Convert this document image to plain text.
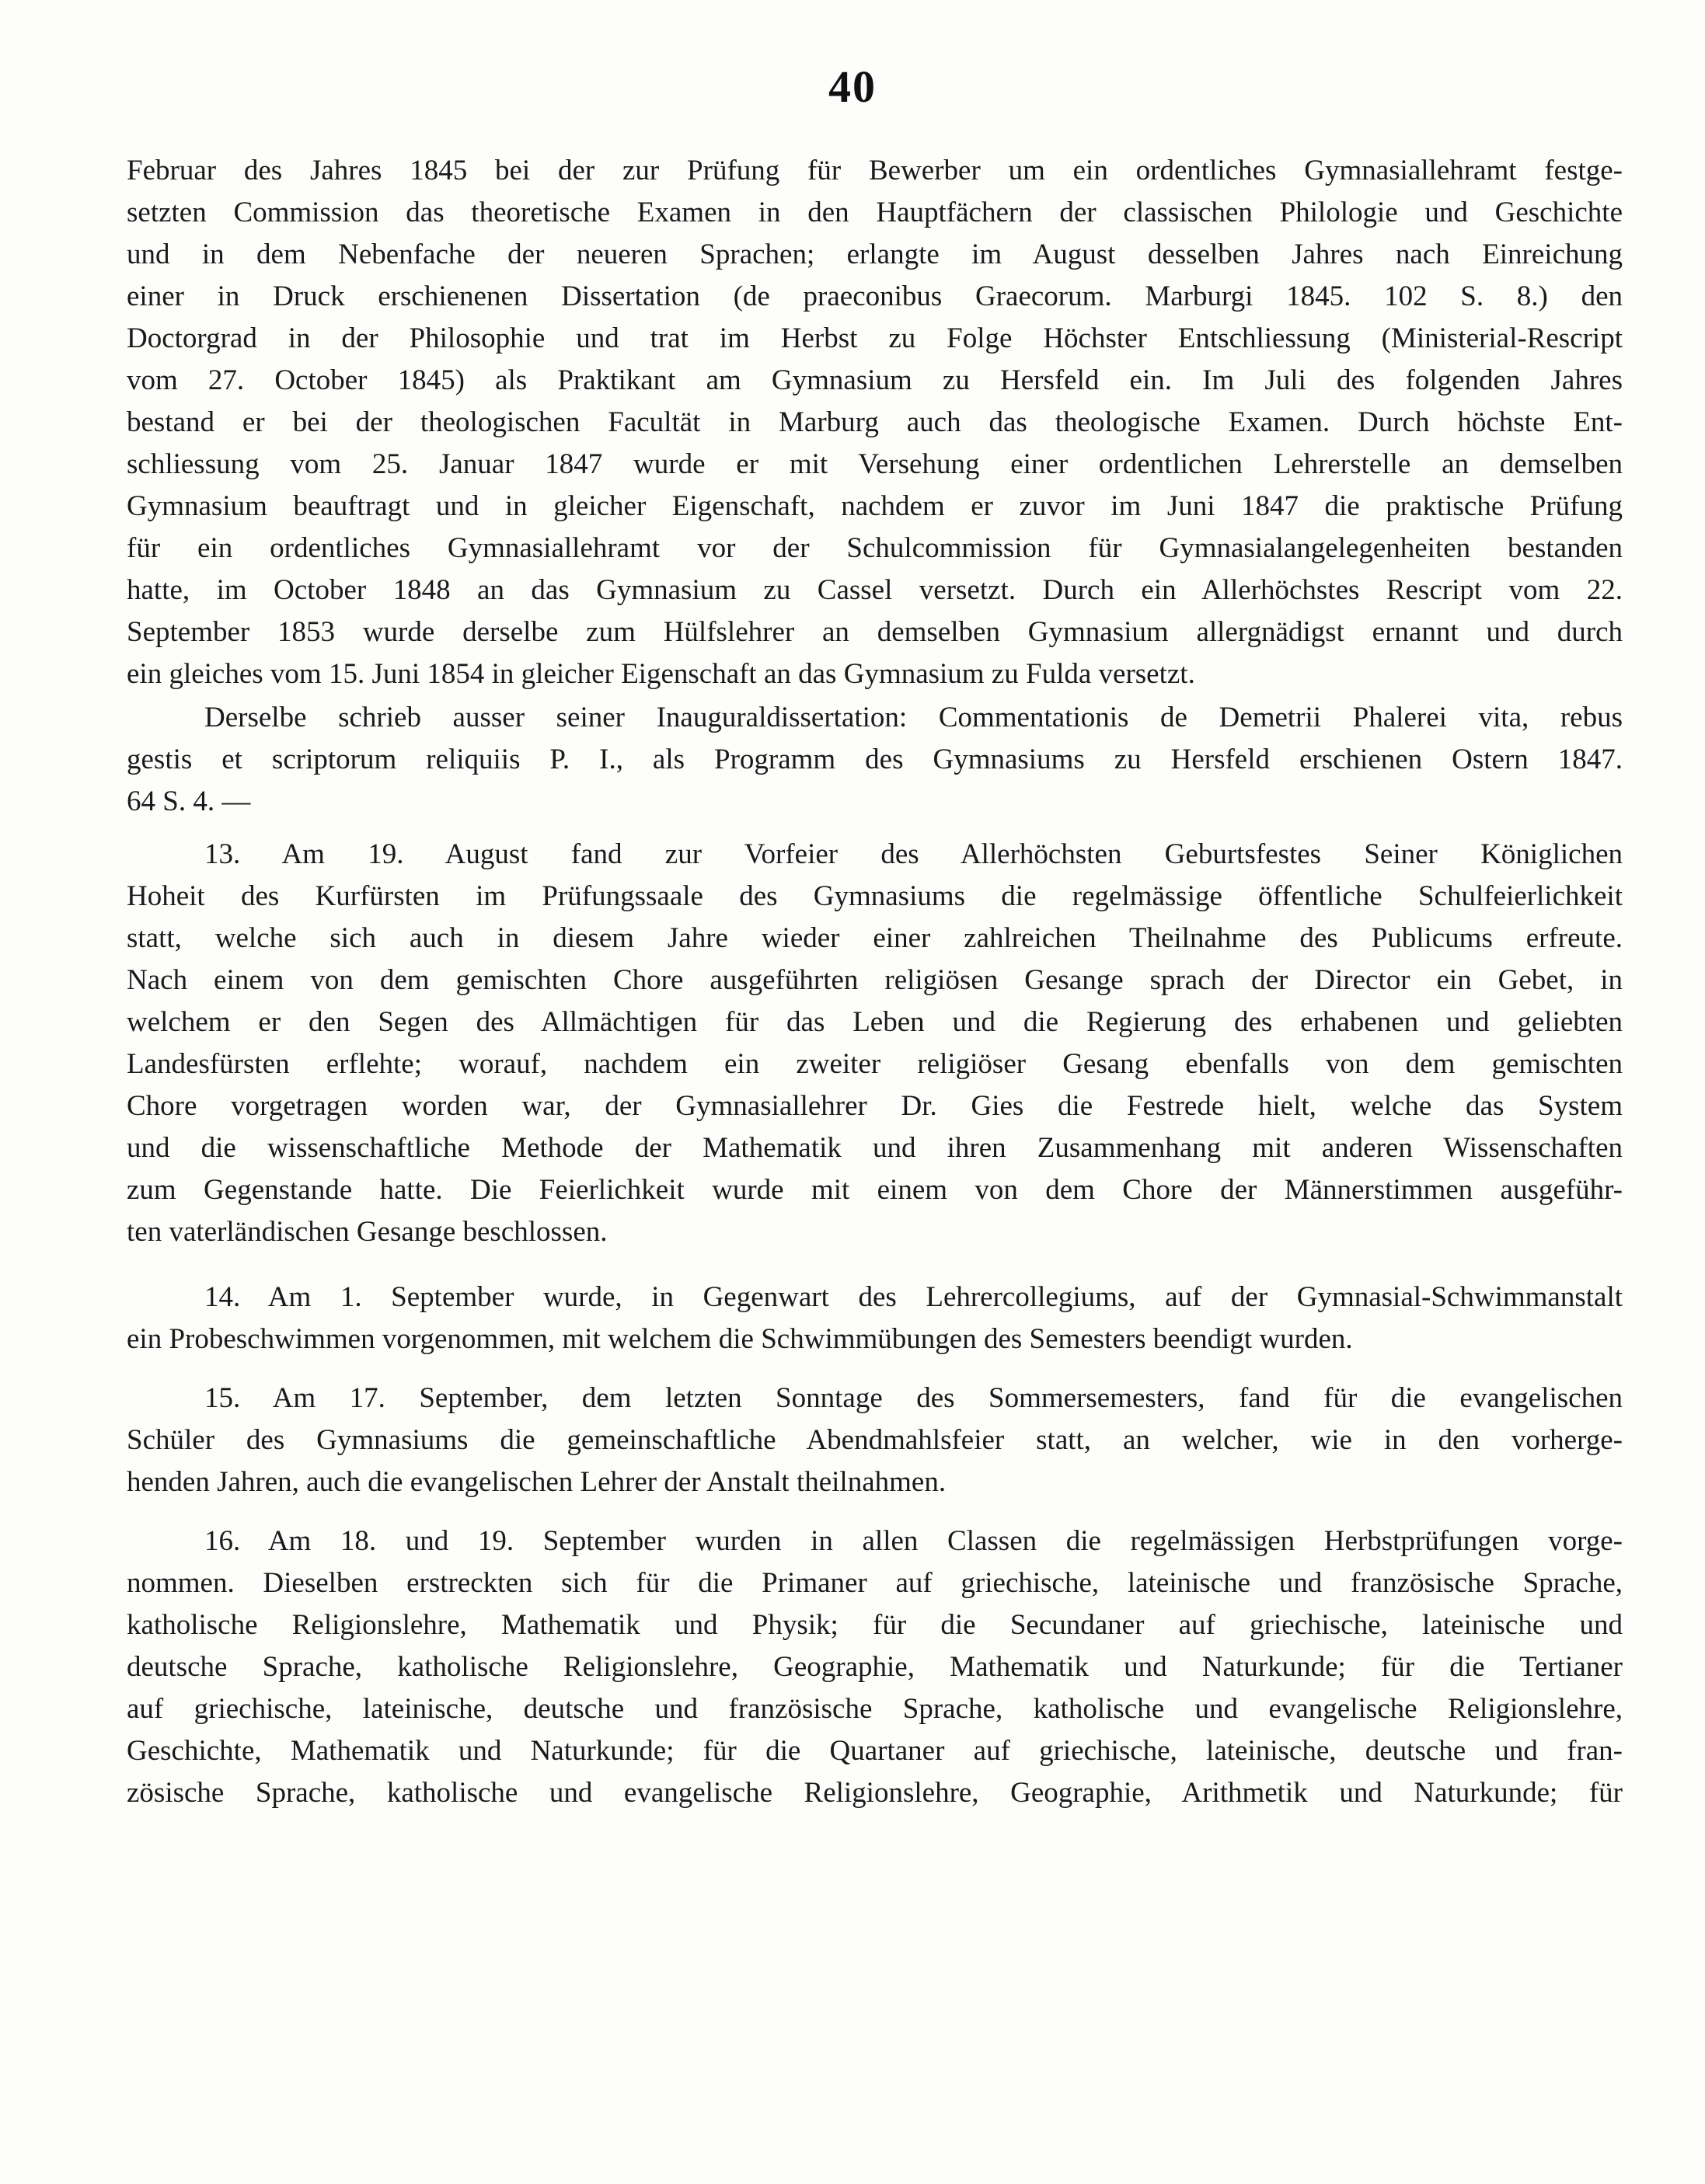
40
Februar des Jahres 1845 bei der zur Prüfung für Bewerber um ein ordentliches Gymnasiallehramt festge-
setzten Commission das theoretische Examen in den Hauptfächern der classischen Philologie und Geschichte
und in dem Nebenfache der neueren Sprachen; erlangte im August desselben Jahres nach Einreichung
einer in Druck erschienenen Dissertation (de praeconibus Graecorum. Marburgi 1845. 102 S. 8.) den
Doctorgrad in der Philosophie und trat im Herbst zu Folge Höchster Entschliessung (Ministerial-Rescript
vom 27. October 1845) als Praktikant am Gymnasium zu Hersfeld ein. Im Juli des folgenden Jahres
bestand er bei der theologischen Facultät in Marburg auch das theologische Examen. Durch höchste Ent-
schliessung vom 25. Januar 1847 wurde er mit Versehung einer ordentlichen Lehrerstelle an demselben
Gymnasium beauftragt und in gleicher Eigenschaft, nachdem er zuvor im Juni 1847 die praktische Prüfung
für ein ordentliches Gymnasiallehramt vor der Schulcommission für Gymnasialangelegenheiten bestanden
hatte, im October 1848 an das Gymnasium zu Cassel versetzt. Durch ein Allerhöchstes Rescript vom 22.
September 1853 wurde derselbe zum Hülfslehrer an demselben Gymnasium allergnädigst ernannt und durch
ein gleiches vom 15. Juni 1854 in gleicher Eigenschaft an das Gymnasium zu Fulda versetzt.
Derselbe schrieb ausser seiner Inauguraldissertation: Commentationis de Demetrii Phalerei vita, rebus
gestis et scriptorum reliquiis P. I., als Programm des Gymnasiums zu Hersfeld erschienen Ostern 1847.
64 S. 4. —
13. Am 19. August fand zur Vorfeier des Allerhöchsten Geburtsfestes Seiner Königlichen
Hoheit des Kurfürsten im Prüfungssaale des Gymnasiums die regelmässige öffentliche Schulfeierlichkeit
statt, welche sich auch in diesem Jahre wieder einer zahlreichen Theilnahme des Publicums erfreute.
Nach einem von dem gemischten Chore ausgeführten religiösen Gesange sprach der Director ein Gebet, in
welchem er den Segen des Allmächtigen für das Leben und die Regierung des erhabenen und geliebten
Landesfürsten erflehte; worauf, nachdem ein zweiter religiöser Gesang ebenfalls von dem gemischten
Chore vorgetragen worden war, der Gymnasiallehrer Dr. Gies die Festrede hielt, welche das System
und die wissenschaftliche Methode der Mathematik und ihren Zusammenhang mit anderen Wissenschaften
zum Gegenstande hatte. Die Feierlichkeit wurde mit einem von dem Chore der Männerstimmen ausgeführ-
ten vaterländischen Gesange beschlossen.
14. Am 1. September wurde, in Gegenwart des Lehrercollegiums, auf der Gymnasial-Schwimmanstalt
ein Probeschwimmen vorgenommen, mit welchem die Schwimmübungen des Semesters beendigt wurden.
15. Am 17. September, dem letzten Sonntage des Sommersemesters, fand für die evangelischen
Schüler des Gymnasiums die gemeinschaftliche Abendmahlsfeier statt, an welcher, wie in den vorherge-
henden Jahren, auch die evangelischen Lehrer der Anstalt theilnahmen.
16. Am 18. und 19. September wurden in allen Classen die regelmässigen Herbstprüfungen vorge-
nommen. Dieselben erstreckten sich für die Primaner auf griechische, lateinische und französische Sprache,
katholische Religionslehre, Mathematik und Physik; für die Secundaner auf griechische, lateinische und
deutsche Sprache, katholische Religionslehre, Geographie, Mathematik und Naturkunde; für die Tertianer
auf griechische, lateinische, deutsche und französische Sprache, katholische und evangelische Religionslehre,
Geschichte, Mathematik und Naturkunde; für die Quartaner auf griechische, lateinische, deutsche und fran-
zösische Sprache, katholische und evangelische Religionslehre, Geographie, Arithmetik und Naturkunde; für
